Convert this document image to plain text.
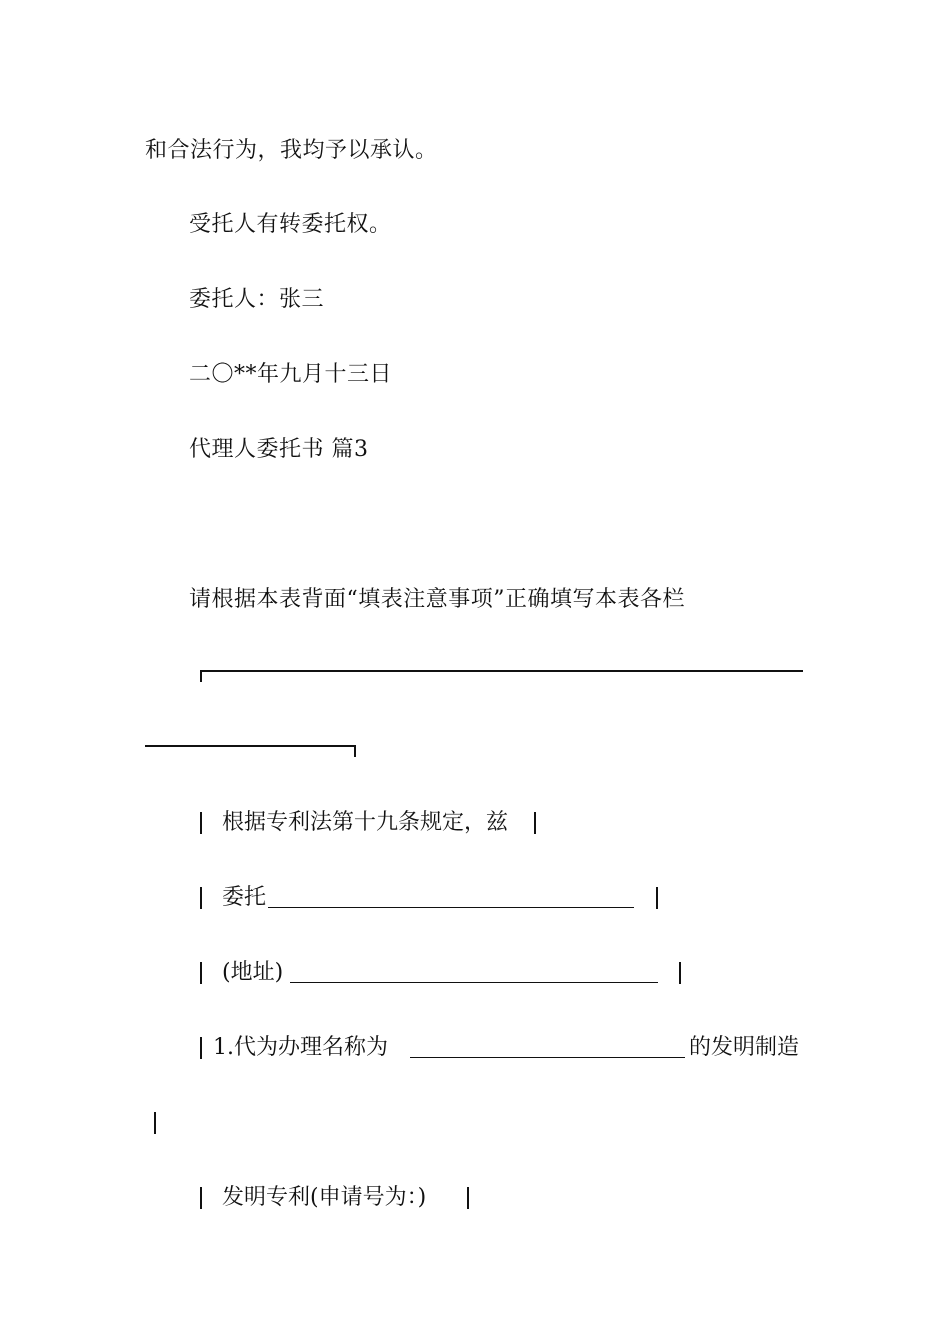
和合法行为，我均予以承认。
受托人有转委托权。
委托人：张三
二〇**年九月十三日
代理人委托书 篇3
请根据本表背面“填表注意事项”正确填写本表各栏
根据专利法第十九条规定，兹
委托
(地址)
1.代为办理名称为	的发明制造
发明专利(申请号为：)
